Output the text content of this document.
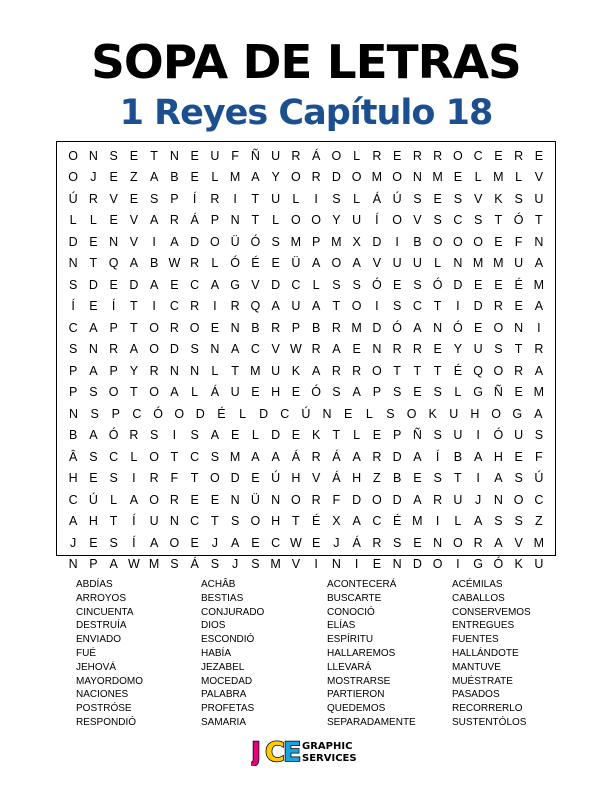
SOPA DE LETRAS
1 Reyes Capítulo 18
O N S E T N E U F Ñ U R Á O L R E R R O C E R E
O J	E Z A B E	L M A Y O R D O M O N M E	L M L	V
Ú R V E S P	Í	R	I	T U L	I	S	L	Á Ú S E S V K S U
L	L	E V A R Á P N T	L O O Y U	Í	O V S C S T Ó T
D E N V	I	A D O Ü Ó S M P M X D	I	B O O O E F N
N T Q A B W R L Ó É E Ü A O A V U U L N M M U A
S D E D A E C A G V D C L	S S Ó E S Ó D E E É M
Í	E	Í	T	I	C R	I	R Q A U A T O	I	S C T	I	D R E A
C A P T O R O E N B R P B R M D Ó A N Ó E O N	I
S N R A O D S N A C V W R A E N R R E Y U S T R
P A P Y R N N L	T M U K A R R O T	T	T É Q O R A
P S O T O A	L	Á U E H E Ó S A P S E S	L G Ñ E M
N S	P C Ó O D É	L	D C Ú N E	L	S O K U H O G A
B A Ó R S	I	S A E	L D E K T	L	E P Ñ S U	I	Ó U S
Â S C L O T C S M A A Á R Á A R D A	Í	B A H E F
H E S	I	R F	T O D E Ú H V Á H Z B E S T	I	A S Ú
C Ú L	A O R E E N Ü N O R F D O D A R U	J	N O C
A H T	Í	U N C T S O H T É X A C É M	I	L	A S S Z
J	E S	Í	A O E	J	A E C W E	J	Á R S E N O R A V M
N P A W M S Á S	J	S M V	I	N	I	E N D O	I	G Ó K U
ABDÍAS
ARROYOS
CINCUENTA
DESTRUÍA
ENVIADO
FUÉ
JEHOVÁ
MAYORDOMO
NACIONES
POSTRÓSE
RESPONDIÓ
ACHÂB
BESTIAS
CONJURADO
DIOS
ESCONDIÓ
HABÍA
JEZABEL
MOCEDAD
PALABRA
PROFETAS
SAMARIA
ACONTECERÁ
BUSCARTE
CONOCIÓ
ELÍAS
ESPÍRITU
HALLAREMOS
LLEVARÁ
MOSTRARSE
PARTIERON
QUEDEMOS
SEPARADAMENTE
ACÉMILAS
CABALLOS
CONSERVEMOS
ENTREGUES
FUENTES
HALLÁNDOTE
MANTUVE
MUÉSTRATE
PASADOS
RECORRERLO
SUSTENTÓLOS
J C
E GRAPHIC
SERVICES
